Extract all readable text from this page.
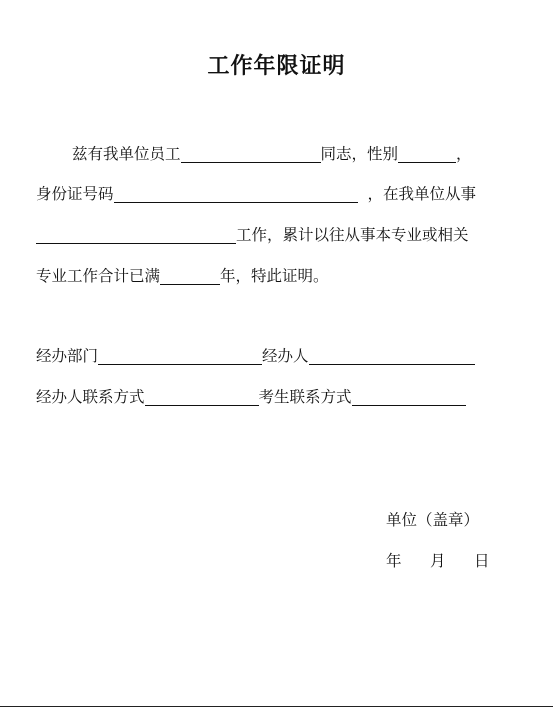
工作年限证明
兹有我单位员工	同志，性别	，
身份证号码	，在我单位从事
工作，累计以往从事本专业或相关
专业工作合计已满	年，特此证明。
经办部门	经办人
经办人联系方式	考生联系方式
单位（盖章）
年 月 日
